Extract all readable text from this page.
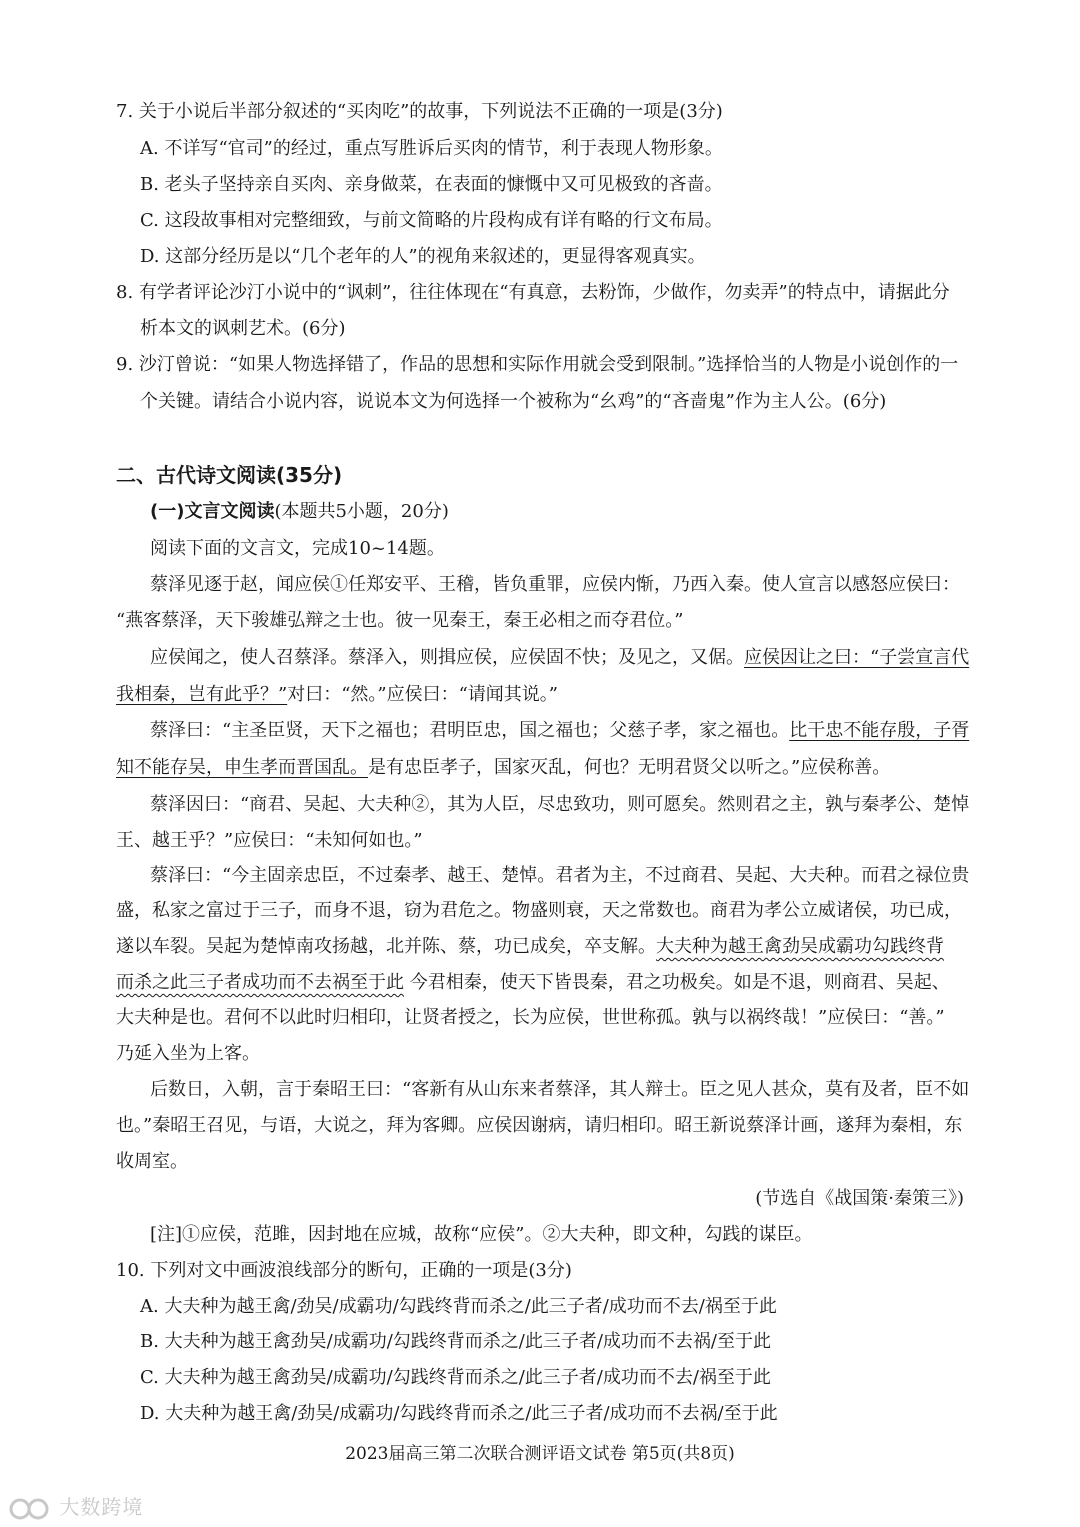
7. 关于小说后半部分叙述的“买肉吃”的故事，下列说法不正确的一项是(3分)
A. 不详写“官司”的经过，重点写胜诉后买肉的情节，利于表现人物形象。
B. 老头子坚持亲自买肉、亲身做菜，在表面的慷慨中又可见极致的吝啬。
C. 这段故事相对完整细致，与前文简略的片段构成有详有略的行文布局。
D. 这部分经历是以“几个老年的人”的视角来叙述的，更显得客观真实。
8. 有学者评论沙汀小说中的“讽刺”，往往体现在“有真意，去粉饰，少做作，勿卖弄”的特点中，请据此分
析本文的讽刺艺术。(6分)
9. 沙汀曾说：“如果人物选择错了，作品的思想和实际作用就会受到限制。”选择恰当的人物是小说创作的一
个关键。请结合小说内容，说说本文为何选择一个被称为“幺鸡”的“吝啬鬼”作为主人公。(6分)
二、古代诗文阅读(35分)
(一)文言文阅读(本题共5小题，20分)
阅读下面的文言文，完成10~14题。
蔡泽见逐于赵，闻应侯①任郑安平、王稽，皆负重罪，应侯内惭，乃西入秦。使人宣言以感怒应侯曰：
“燕客蔡泽，天下骏雄弘辩之士也。彼一见秦王，秦王必相之而夺君位。”
应侯闻之，使人召蔡泽。蔡泽入，则揖应侯，应侯固不快；及见之，又倨。应侯因让之曰：“子尝宣言代
我相秦，岂有此乎？”对曰：“然。”应侯曰：“请闻其说。”
蔡泽曰：“主圣臣贤，天下之福也；君明臣忠，国之福也；父慈子孝，家之福也。比干忠不能存殷，子胥
知不能存吴，申生孝而晋国乱。是有忠臣孝子，国家灭乱，何也？无明君贤父以听之。”应侯称善。
蔡泽因曰：“商君、吴起、大夫种②，其为人臣，尽忠致功，则可愿矣。然则君之主，孰与秦孝公、楚悼
王、越王乎？”应侯曰：“未知何如也。”
蔡泽曰：“今主固亲忠臣，不过秦孝、越王、楚悼。君者为主，不过商君、吴起、大夫种。而君之禄位贵
盛，私家之富过于三子，而身不退，窃为君危之。物盛则衰，天之常数也。商君为孝公立威诸侯，功已成，
遂以车裂。吴起为楚悼南攻扬越，北并陈、蔡，功已成矣，卒支解。大夫种为越王禽劲吴成霸功勾践终背
而杀之此三子者成功而不去祸至于此 今君相秦，使天下皆畏秦，君之功极矣。如是不退，则商君、吴起、
大夫种是也。君何不以此时归相印，让贤者授之，长为应侯，世世称孤。孰与以祸终哉！”应侯曰：“善。”
乃延入坐为上客。
后数日，入朝，言于秦昭王曰：“客新有从山东来者蔡泽，其人辩士。臣之见人甚众，莫有及者，臣不如
也。”秦昭王召见，与语，大说之，拜为客卿。应侯因谢病，请归相印。昭王新说蔡泽计画，遂拜为秦相，东
收周室。
(节选自《战国策·秦策三》)
[注]①应侯，范雎，因封地在应城，故称“应侯”。②大夫种，即文种，勾践的谋臣。
10. 下列对文中画波浪线部分的断句，正确的一项是(3分)
A. 大夫种为越王禽/劲吴/成霸功/勾践终背而杀之/此三子者/成功而不去/祸至于此
B. 大夫种为越王禽劲吴/成霸功/勾践终背而杀之/此三子者/成功而不去祸/至于此
C. 大夫种为越王禽劲吴/成霸功/勾践终背而杀之/此三子者/成功而不去/祸至于此
D. 大夫种为越王禽/劲吴/成霸功/勾践终背而杀之/此三子者/成功而不去祸/至于此
2023届高三第二次联合测评语文试卷 第5页(共8页)
大数跨境
